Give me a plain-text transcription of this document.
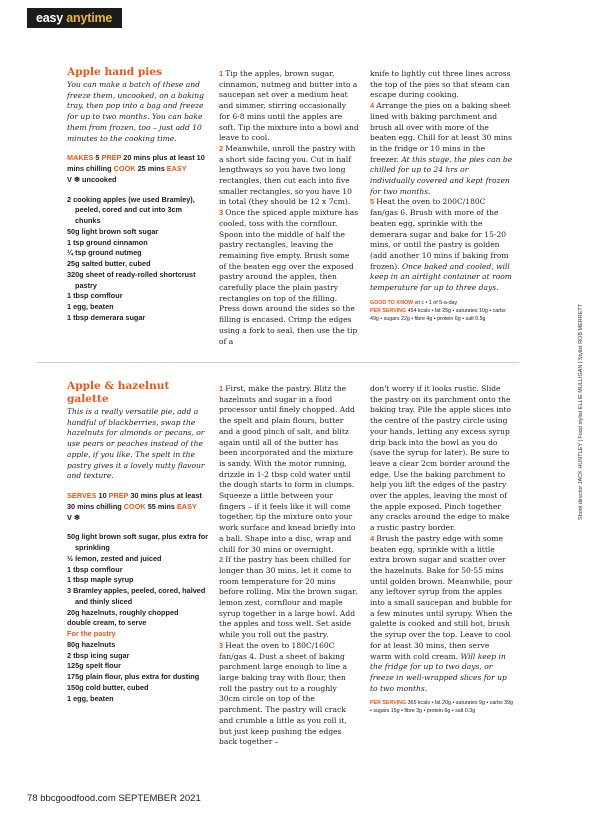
easy anytime
Apple hand pies

You can make a batch of these and freeze them, uncooked, on a baking tray, then pop into a bag and freeze for up to two months. You can bake them from frozen, too – just add 10 minutes to the cooking time.

MAKES 5 PREP 20 mins plus at least 10 mins chilling COOK 25 mins EASY
V ❄ uncooked
2 cooking apples (we used Bramley), peeled, cored and cut into 3cm chunks
50g light brown soft sugar
1 tsp ground cinnamon
¼ tsp ground nutmeg
25g salted butter, cubed
320g sheet of ready-rolled shortcrust pastry
1 tbsp cornflour
1 egg, beaten
1 tbsp demerara sugar

1 Tip the apples, brown sugar, cinnamon, nutmeg and butter into a saucepan set over a medium heat and simmer, stirring occasionally for 6-8 mins until the apples are soft. Tip the mixture into a bowl and leave to cool.

2 Meanwhile, unroll the pastry with a short side facing you. Cut in half lengthways so you have two long rectangles, then cut each into five smaller rectangles, so you have 10 in total (they should be 12 x 7cm).

3 Once the spiced apple mixture has cooled, toss with the cornflour. Spoon into the middle of half the pastry rectangles, leaving the remaining five empty. Brush some of the beaten egg over the exposed pastry around the apples, then carefully place the plain pastry rectangles on top of the filling. Press down around the sides so the filling is encased. Crimp the edges using a fork to seal, then use the tip of a

knife to lightly cut three lines across the top of the pies so that steam can escape during cooking.

4 Arrange the pies on a baking sheet lined with baking parchment and brush all over with more of the beaten egg. Chill for at least 30 mins in the fridge or 10 mins in the freezer. At this stage, the pies can be chilled for up to 24 hrs or individually covered and kept frozen for two months.

5 Heat the oven to 200C/180C fan/gas 6. Brush with more of the beaten egg, sprinkle with the demerara sugar and bake for 15-20 mins, or until the pastry is golden (add another 10 mins if baking from frozen). Once baked and cooled, will keep in an airtight container at room temperature for up to three days.

GOOD TO KNOW vit c • 1 of 5-a-day
PER SERVING 454 kcals • fat 25g • saturates 10g • carbs 49g • sugars 22g • fibre 4g • protein 6g • salt 0.5g
Apple & hazelnut galette

This is a really versatile pie, add a handful of blackberries, swap the hazelnuts for almonds or pecans, or use pears or peaches instead of the apple, if you like. The spelt in the pastry gives it a lovely nutty flavour and texture.

SERVES 10 PREP 30 mins plus at least 30 mins chilling COOK 55 mins EASY
V ❄
50g light brown soft sugar, plus extra for sprinkling
½ lemon, zested and juiced
1 tbsp cornflour
1 tbsp maple syrup
3 Bramley apples, peeled, cored, halved and thinly sliced
20g hazelnuts, roughly chopped
double cream, to serve
For the pastry
80g hazelnuts
2 tbsp icing sugar
125g spelt flour
175g plain flour, plus extra for dusting
150g cold butter, cubed
1 egg, beaten

1 First, make the pastry. Blitz the hazelnuts and sugar in a food processor until finely chopped. Add the spelt and plain flours, butter and a good pinch of salt, and blitz again until all of the butter has been incorporated and the mixture is sandy. With the motor running, drizzle in 1-2 tbsp cold water until the dough starts to form in clumps. Squeeze a little between your fingers – if it feels like it will come together, tip the mixture onto your work surface and knead briefly into a ball. Shape into a disc, wrap and chill for 30 mins or overnight.

2 If the pastry has been chilled for longer than 30 mins, let it come to room temperature for 20 mins before rolling. Mix the brown sugar, lemon zest, cornflour and maple syrup together in a large bowl. Add the apples and toss well. Set aside while you roll out the pastry.

3 Heat the oven to 180C/160C fan/gas 4. Dust a sheet of baking parchment large enough to line a large baking tray with flour, then roll the pastry out to a roughly 30cm circle on top of the parchment. The pastry will crack and crumble a little as you roll it, but just keep pushing the edges back together –

don't worry if it looks rustic. Slide the pastry on its parchment onto the baking tray. Pile the apple slices into the centre of the pastry circle using your hands, letting any excess syrup drip back into the bowl as you do (save the syrup for later). Be sure to leave a clear 2cm border around the edge. Use the baking parchment to help you lift the edges of the pastry over the apples, leaving the most of the apple exposed. Pinch together any cracks around the edge to make a rustic pastry border.

4 Brush the pastry edge with some beaten egg, sprinkle with a little extra brown sugar and scatter over the hazelnuts. Bake for 50-55 mins until golden brown. Meanwhile, pour any leftover syrup from the apples into a small saucepan and bubble for a few minutes until syrupy. When the galette is cooked and still hot, brush the syrup over the top. Leave to cool for at least 30 mins, then serve warm with cold cream. Will keep in the fridge for up to two days, or freeze in well-wrapped slices for up to two months.

PER SERVING 365 kcals • fat 20g • saturates 9g • carbs 39g • sugars 15g • fibre 3g • protein 6g • salt 0.3g
78 bbcgoodfood.com SEPTEMBER 2021
Shoot director JACK HUNTLEY | Food stylist ELLIE MULLIGAN | Stylist ROB MERRETT
